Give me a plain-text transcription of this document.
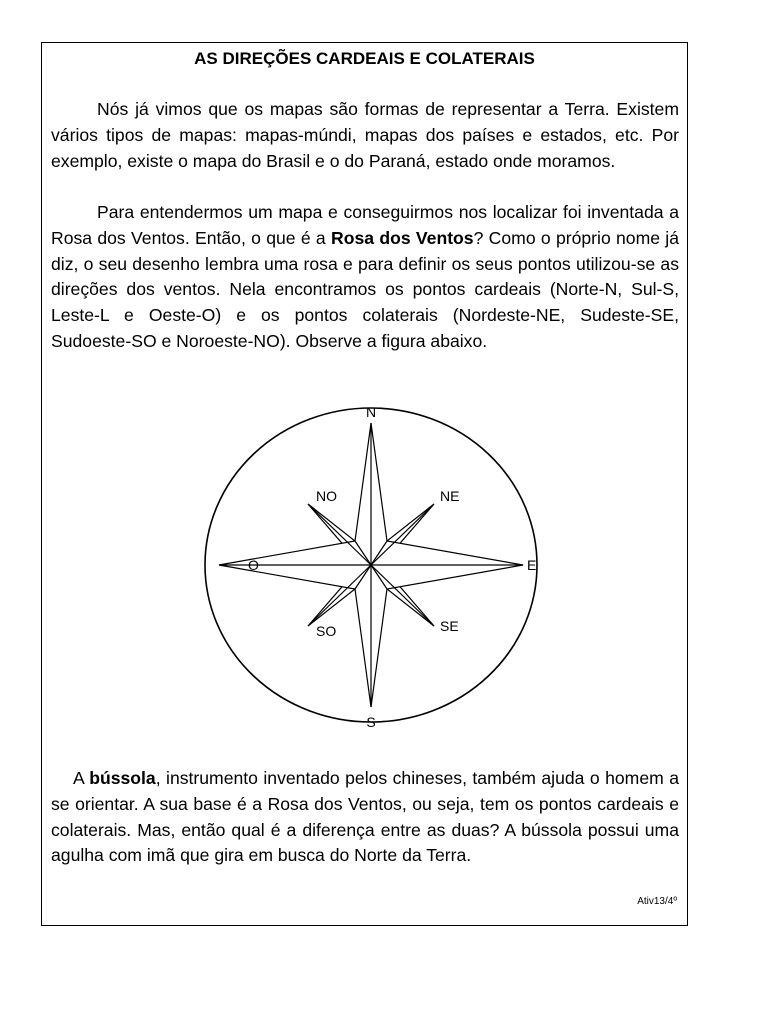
AS DIREÇÕES CARDEAIS E COLATERAIS

Nós já vimos que os mapas são formas de representar a Terra. Existem vários tipos de mapas: mapas-múndi, mapas dos países e estados, etc. Por exemplo, existe o mapa do Brasil e o do Paraná, estado onde moramos.

Para entendermos um mapa e conseguirmos nos localizar foi inventada a Rosa dos Ventos. Então, o que é a Rosa dos Ventos? Como o próprio nome já diz, o seu desenho lembra uma rosa e para definir os seus pontos utilizou-se as direções dos ventos. Nela encontramos os pontos cardeais (Norte-N, Sul-S, Leste-L e Oeste-O) e os pontos colaterais (Nordeste-NE, Sudeste-SE, Sudoeste-SO e Noroeste-NO). Observe a figura abaixo.

N
S
E
O
NE
NO
SE
SO

A bússola, instrumento inventado pelos chineses, também ajuda o homem a se orientar. A sua base é a Rosa dos Ventos, ou seja, tem os pontos cardeais e colaterais. Mas, então qual é a diferença entre as duas? A bússola possui uma agulha com imã que gira em busca do Norte da Terra.

Ativ13/4º
